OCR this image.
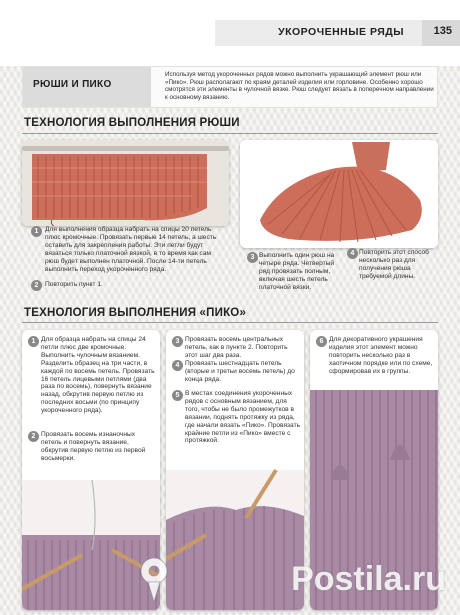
УКОРОЧЕННЫЕ РЯДЫ	135
РЮШИ И ПИКО
Используя метод укороченных рядов можно выполнить украшающий элемент рюш или «Пико». Рюш располагают по краям деталей изделия или горловине. Особенно хорошо смотрятся эти элементы в чулочной вязке. Рюш следует вязать в поперечном направлении к основному вязанию.
ТЕХНОЛОГИЯ ВЫПОЛНЕНИЯ РЮШИ
1 Для выполнения образца набрать на спицы 20 петель плюс кромочные. Провязать первые 14 петель, а шесть оставить для закрепления работы. Эти петли будут вязаться только платочной вязкой, в то время как сам рюш будет выполнен платочной. После 14-ти петель выполнить переход укороченного ряда.
2 Повторить пункт 1.
3 Выполнить один рюш на четыре ряда. Четвертый ряд провязать полным, включая шесть петель платочной вязки.
4 Повторить этот способ несколько раз для получения рюша требуемой длины.
ТЕХНОЛОГИЯ ВЫПОЛНЕНИЯ «ПИКО»
1 Для образца набрать на спицы 24 петли плюс две кромочные. Выполнить чулочным вязанием. Разделить образец на три части, в каждой по восемь петель. Провязать 16 петель лицевыми петлями (два раза по восемь), повернуть вязание назад, обкрутив первую петлю из последних восьми (по принципу укороченного ряда).
2 Провязать восемь изнаночных петель и повернуть вязание, обкрутив первую петлю из первой восьмерки.
3 Провязать восемь центральных петель, как в пункте 2. Повторить этот шаг два раза.
4 Провязать шестнадцать петель (вторые и третьи восемь петель) до конца ряда.
5 В местах соединения укороченных рядов с основным вязанием, для того, чтобы не было промежутков в вязании, поднять протяжку из ряда, где начали вязать «Пико». Провязать крайние петли из «Пико» вместе с протяжкой.
6 Для декоративного украшения изделия этот элемент можно повторить несколько раз в хаотичном порядке или по схеме, сформировав их в группы.
Postila.ru
